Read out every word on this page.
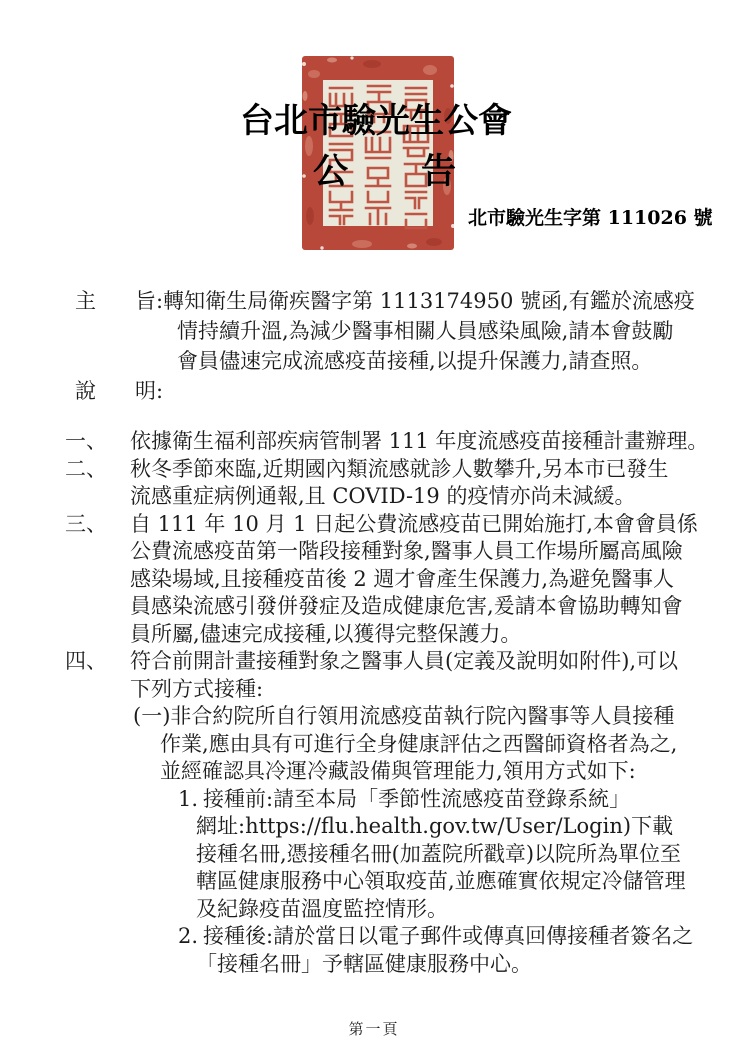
台北市驗光生公會
公 告
北市驗光生字第 111026 號
主 旨:轉知衛生局衛疾醫字第 1113174950 號函,有鑑於流感疫
情持續升溫,為減少醫事相關人員感染風險,請本會鼓勵
會員儘速完成流感疫苗接種,以提升保護力,請查照。
說 明:
一、 依據衛生福利部疾病管制署 111 年度流感疫苗接種計畫辦理。
二、 秋冬季節來臨,近期國內類流感就診人數攀升,另本市已發生
流感重症病例通報,且 COVID-19 的疫情亦尚未減緩。
三、 自 111 年 10 月 1 日起公費流感疫苗已開始施打,本會會員係
公費流感疫苗第一階段接種對象,醫事人員工作場所屬高風險
感染場域,且接種疫苗後 2 週才會產生保護力,為避免醫事人
員感染流感引發併發症及造成健康危害,爰請本會協助轉知會
員所屬,儘速完成接種,以獲得完整保護力。
四、 符合前開計畫接種對象之醫事人員(定義及說明如附件),可以
下列方式接種:
(一)非合約院所自行領用流感疫苗執行院內醫事等人員接種
作業,應由具有可進行全身健康評估之西醫師資格者為之,
並經確認具冷運冷藏設備與管理能力,領用方式如下:
1. 接種前:請至本局「季節性流感疫苗登錄系統」
網址:https://flu.health.gov.tw/User/Login)下載
接種名冊,憑接種名冊(加蓋院所戳章)以院所為單位至
轄區健康服務中心領取疫苗,並應確實依規定冷儲管理
及紀錄疫苗溫度監控情形。
2. 接種後:請於當日以電子郵件或傳真回傳接種者簽名之
「接種名冊」予轄區健康服務中心。
第一頁
